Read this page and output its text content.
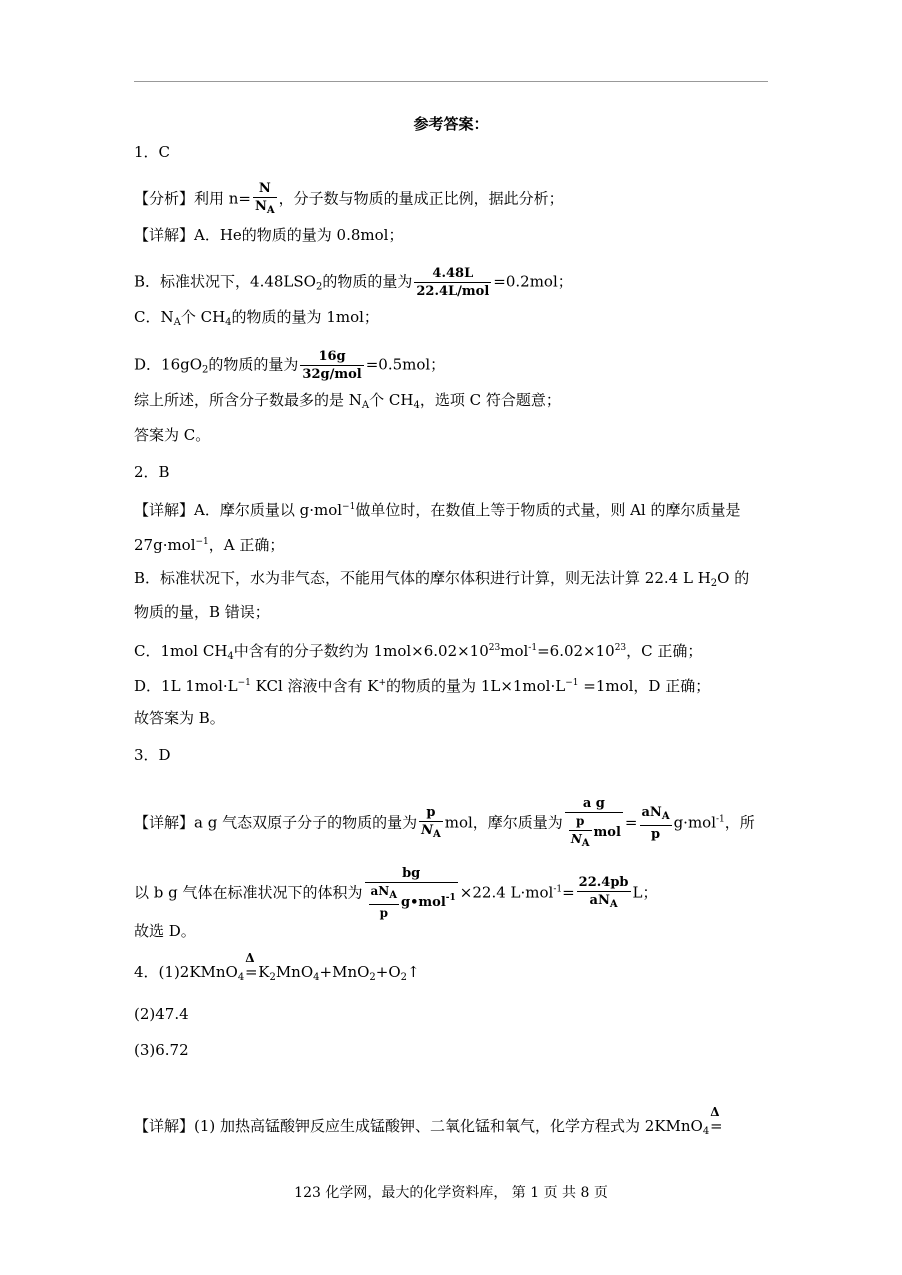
参考答案：
1．C
【分析】利用 $n= \frac{N}{N_A}$ ，分子数与物质的量成正比例，据此分析；
【详解】A．He的物质的量为 0.8mol；
B．标准状况下，$4.48LSO_2$的物质的量为 $\frac{4.48L}{\text{22.4L/mol}} =0.2mol$；
C．$N_A$个 $CH_4$的物质的量为 1mol；
D．$16gO_2$的物质的量为 $\frac{16g}{\text{32g/mol}} =0.5mol$；
综上所述，所含分子数最多的是 $N_A$个 $CH_4$，选项 C 符合题意；
答案为 C。
2．B
【详解】A．摩尔质量以 g·mol$^{-1}$做单位时，在数值上等于物质的式量，则 Al 的摩尔质量是
27g·mol$^{-1}$，A 正确；
B．标准状况下，水为非气态，不能用气体的摩尔体积进行计算，则无法计算 22.4 L $H_2O$ 的
物质的量，B 错误；
C．1mol $CH_4$中含有的分子数约为 $1mol\times 6.02\times 10^{23}mol^{-1}=6.02\times 10^{23}$，C 正确；
D．1L $1mol\cdot L^{-1}$ KCl 溶液中含有 K+的物质的量为 $1L\times 1mol\cdot L^{-1} =1mol$，D 正确；
故答案为 B。
3．D
【详解】a g 气态双原子分子的物质的量为 $\frac{p}{N_A}$ mol，摩尔质量为 $\frac{\text{a g}}{\frac{p}{N_A} mol} = \frac{aN_A}{p} g\cdot mol^{-1}$，所
以 b g 气体在标准状况下的体积为 $\frac{bg}{\frac{aN_A}{p} g•mol^{-1}} \times 22.4$ $L\cdot mol^{-1}= \frac{22.4pb}{aN_A}$ L；
故选 D。
4．(1)2KMnO$_4$
Δ
$=K_2MnO_4+MnO_2+O_2↑$
(2)47.4
(3)6.72
【详解】(1) 加热高锰酸钾反应生成锰酸钾、二氧化锰和氧气，化学方程式为 2KMnO$_4$
Δ
=
123 化学网，最大的化学资料库， 第 1 页 共 8 页
